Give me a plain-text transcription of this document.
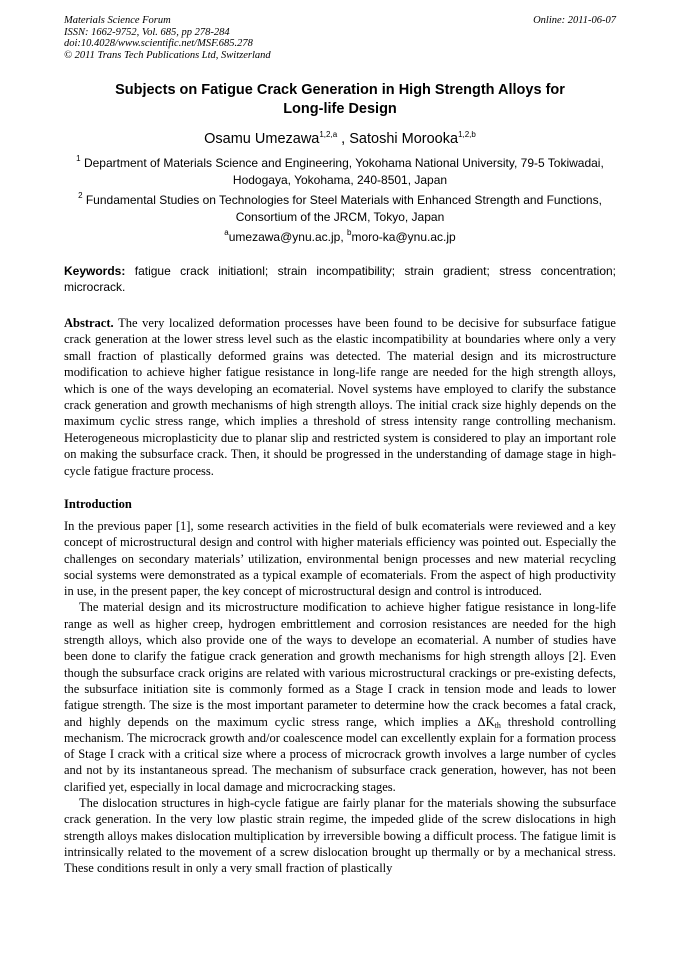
Materials Science Forum
ISSN: 1662-9752, Vol. 685, pp 278-284
doi:10.4028/www.scientific.net/MSF.685.278
© 2011 Trans Tech Publications Ltd, Switzerland
Online: 2011-06-07
Subjects on Fatigue Crack Generation in High Strength Alloys for
Long-life Design
Osamu Umezawa$^{1,2,a}$ , Satoshi Morooka$^{1,2,b}$
$^1$ Department of Materials Science and Engineering, Yokohama National University, 79-5 Tokiwadai,
Hodogaya, Yokohama, 240-8501, Japan
$^2$ Fundamental Studies on Technologies for Steel Materials with Enhanced Strength and Functions,
Consortium of the JRCM, Tokyo, Japan
$^a$umezawa@ynu.ac.jp, $^b$moro-ka@ynu.ac.jp
Keywords: fatigue crack initiationl; strain incompatibility; strain gradient; stress concentration; microcrack.
Abstract. The very localized deformation processes have been found to be decisive for subsurface fatigue crack generation at the lower stress level such as the elastic incompatibility at boundaries where only a very small fraction of plastically deformed grains was detected. The material design and its microstructure modification to achieve higher fatigue resistance in long-life range are needed for the high strength alloys, which is one of the ways developing an ecomaterial. Novel systems have employed to clarify the substance crack generation and growth mechanisms of high strength alloys. The initial crack size highly depends on the maximum cyclic stress range, which implies a threshold of stress intensity range controlling mechanism. Heterogeneous microplasticity due to planar slip and restricted system is considered to play an important role on making the subsurface crack. Then, it should be progressed in the understanding of damage stage in high-cycle fatigue fracture process.
Introduction

In the previous paper [1], some research activities in the field of bulk ecomaterials were reviewed and a key concept of microstructural design and control with higher materials efficiency was pointed out. Especially the challenges on secondary materials’ utilization, environmental benign processes and new material recycling social systems were demonstrated as a typical example of ecomaterials. From the aspect of high productivity in use, in the present paper, the key concept of microstructural design and control is introduced.

The material design and its microstructure modification to achieve higher fatigue resistance in long-life range as well as higher creep, hydrogen embrittlement and corrosion resistances are needed for the high strength alloys, which also provide one of the ways to develope an ecomaterial. A number of studies have been done to clarify the fatigue crack generation and growth mechanisms for high strength alloys [2]. Even though the subsurface crack origins are related with various microstructural crackings or pre-existing defects, the subsurface initiation site is commonly formed as a Stage I crack in tension mode and leads to lower fatigue strength. The size is the most important parameter to determine how the crack becomes a fatal crack, and highly depends on the maximum cyclic stress range, which implies a $\Delta K_{th}$ threshold controlling mechanism. The microcrack growth and/or coalescence model can excellently explain for a formation process of Stage I crack with a critical size where a process of microcrack growth involves a large number of cycles and not by its instantaneous spread. The mechanism of subsurface crack generation, however, has not been clarified yet, especially in local damage and microcracking stages.

The dislocation structures in high-cycle fatigue are fairly planar for the materials showing the subsurface crack generation. In the very low plastic strain regime, the impeded glide of the screw dislocations in high strength alloys makes dislocation multiplication by irreversible bowing a difficult process. The fatigue limit is intrinsically related to the movement of a screw dislocation brought up thermally or by a mechanical stress. These conditions result in only a very small fraction of plastically
